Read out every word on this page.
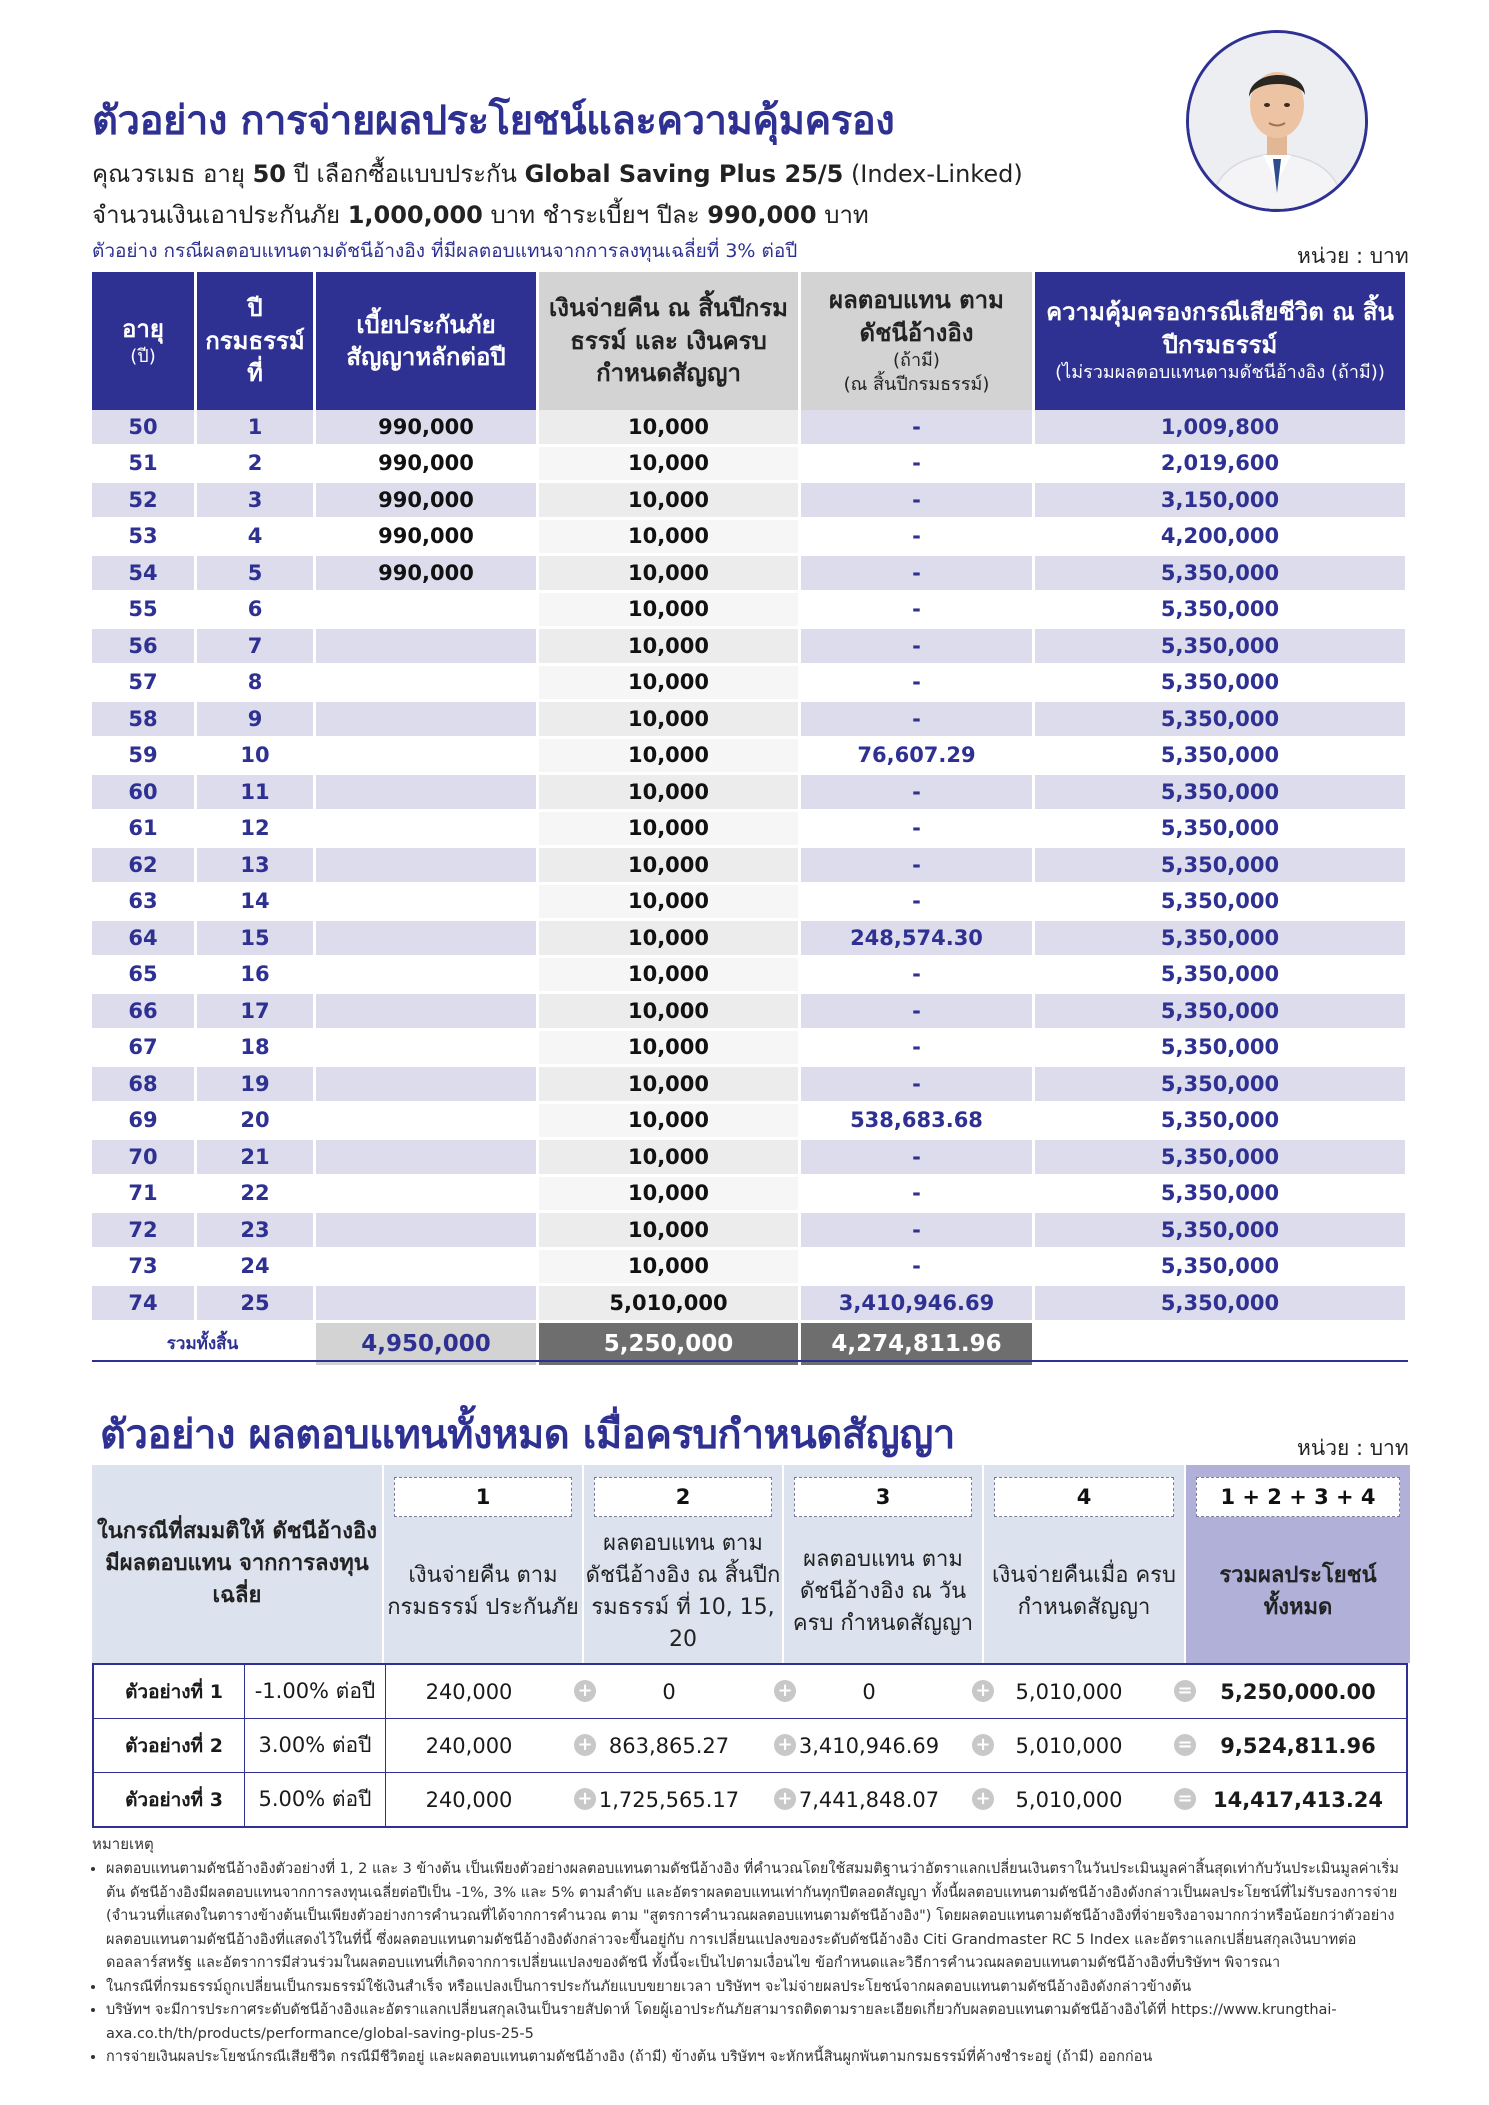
ตัวอย่าง การจ่ายผลประโยชน์และความคุ้มครอง
คุณวรเมธ อายุ 50 ปี เลือกซื้อแบบประกัน Global Saving Plus 25/5 (Index-Linked)
จำนวนเงินเอาประกันภัย 1,000,000 บาท ชำระเบี้ยฯ ปีละ 990,000 บาท
ตัวอย่าง กรณีผลตอบแทนตามดัชนีอ้างอิง ที่มีผลตอบแทนจากการลงทุนเฉลี่ยที่ 3% ต่อปี	หน่วย : บาท
อายุ
(ปี)	ปี กรมธรรม์ที่	เบี้ยประกันภัย สัญญาหลักต่อปี	เงินจ่ายคืน ณ สิ้นปีกรมธรรม์ และ เงินครบกำหนดสัญญา	ผลตอบแทน ตามดัชนีอ้างอิง
(ถ้ามี)
(ณ สิ้นปีกรมธรรม์)	ความคุ้มครองกรณีเสียชีวิต ณ สิ้นปีกรมธรรม์
(ไม่รวมผลตอบแทนตามดัชนีอ้างอิง (ถ้ามี))

50	1	990,000	10,000	-	1,009,800
51	2	990,000	10,000	-	2,019,600
52	3	990,000	10,000	-	3,150,000
53	4	990,000	10,000	-	4,200,000
54	5	990,000	10,000	-	5,350,000
55	6		10,000	-	5,350,000
56	7		10,000	-	5,350,000
57	8		10,000	-	5,350,000
58	9		10,000	-	5,350,000
59	10		10,000	76,607.29	5,350,000
60	11		10,000	-	5,350,000
61	12		10,000	-	5,350,000
62	13		10,000	-	5,350,000
63	14		10,000	-	5,350,000
64	15		10,000	248,574.30	5,350,000
65	16		10,000	-	5,350,000
66	17		10,000	-	5,350,000
67	18		10,000	-	5,350,000
68	19		10,000	-	5,350,000
69	20		10,000	538,683.68	5,350,000
70	21		10,000	-	5,350,000
71	22		10,000	-	5,350,000
72	23		10,000	-	5,350,000
73	24		10,000	-	5,350,000
74	25		5,010,000	3,410,946.69	5,350,000
รวมทั้งสิ้น		4,950,000	5,250,000	4,274,811.96	
ตัวอย่าง ผลตอบแทนทั้งหมด เมื่อครบกำหนดสัญญา	หน่วย : บาท
ในกรณีที่สมมติให้ ดัชนีอ้างอิงมีผลตอบแทน จากการลงทุนเฉลี่ย
1
เงินจ่ายคืน ตามกรมธรรม์ ประกันภัย
2
ผลตอบแทน ตามดัชนีอ้างอิง ณ สิ้นปีกรมธรรม์ ที่ 10, 15, 20
3
ผลตอบแทน ตามดัชนีอ้างอิง ณ วันครบ กำหนดสัญญา
4
เงินจ่ายคืนเมื่อ ครบกำหนดสัญญา
1 + 2 + 3 + 4
รวมผลประโยชน์ ทั้งหมด
ตัวอย่างที่ 1	-1.00% ต่อปี	240,000	0	0	5,010,000	5,250,000.00
+	+	+	=
ตัวอย่างที่ 2	3.00% ต่อปี	240,000	863,865.27	3,410,946.69	5,010,000	9,524,811.96
+	+	+	=
ตัวอย่างที่ 3	5.00% ต่อปี	240,000	1,725,565.17	7,441,848.07	5,010,000	14,417,413.24
+	+	+	=
หมายเหตุ
• ผลตอบแทนตามดัชนีอ้างอิงตัวอย่างที่ 1, 2 และ 3 ข้างต้น เป็นเพียงตัวอย่างผลตอบแทนตามดัชนีอ้างอิง ที่คำนวณโดยใช้สมมติฐานว่าอัตราแลกเปลี่ยนเงินตราในวันประเมินมูลค่าสิ้นสุดเท่ากับวันประเมินมูลค่าเริ่มต้น ดัชนีอ้างอิงมีผลตอบแทนจากการลงทุนเฉลี่ยต่อปีเป็น -1%, 3% และ 5% ตามลำดับ และอัตราผลตอบแทนเท่ากันทุกปีตลอดสัญญา ทั้งนี้ผลตอบแทนตามดัชนีอ้างอิงดังกล่าวเป็นผลประโยชน์ที่ไม่รับรองการจ่าย (จำนวนที่แสดงในตารางข้างต้นเป็นเพียงตัวอย่างการคำนวณที่ได้จากการคำนวณ ตาม "สูตรการคำนวณผลตอบแทนตามดัชนีอ้างอิง") โดยผลตอบแทนตามดัชนีอ้างอิงที่จ่ายจริงอาจมากกว่าหรือน้อยกว่าตัวอย่างผลตอบแทนตามดัชนีอ้างอิงที่แสดงไว้ในที่นี้ ซึ่งผลตอบแทนตามดัชนีอ้างอิงดังกล่าวจะขึ้นอยู่กับ การเปลี่ยนแปลงของระดับดัชนีอ้างอิง Citi Grandmaster RC 5 Index และอัตราแลกเปลี่ยนสกุลเงินบาทต่อดอลลาร์สหรัฐ และอัตราการมีส่วนร่วมในผลตอบแทนที่เกิดจากการเปลี่ยนแปลงของดัชนี ทั้งนี้จะเป็นไปตามเงื่อนไข ข้อกำหนดและวิธีการคำนวณผลตอบแทนตามดัชนีอ้างอิงที่บริษัทฯ พิจารณา
• ในกรณีที่กรมธรรม์ถูกเปลี่ยนเป็นกรมธรรม์ใช้เงินสำเร็จ หรือแปลงเป็นการประกันภัยแบบขยายเวลา บริษัทฯ จะไม่จ่ายผลประโยชน์จากผลตอบแทนตามดัชนีอ้างอิงดังกล่าวข้างต้น
• บริษัทฯ จะมีการประกาศระดับดัชนีอ้างอิงและอัตราแลกเปลี่ยนสกุลเงินเป็นรายสัปดาห์ โดยผู้เอาประกันภัยสามารถติดตามรายละเอียดเกี่ยวกับผลตอบแทนตามดัชนีอ้างอิงได้ที่ https://www.krungthai-axa.co.th/th/products/performance/global-saving-plus-25-5
• การจ่ายเงินผลประโยชน์กรณีเสียชีวิต กรณีมีชีวิตอยู่ และผลตอบแทนตามดัชนีอ้างอิง (ถ้ามี) ข้างต้น บริษัทฯ จะหักหนี้สินผูกพันตามกรมธรรม์ที่ค้างชำระอยู่ (ถ้ามี) ออกก่อน
